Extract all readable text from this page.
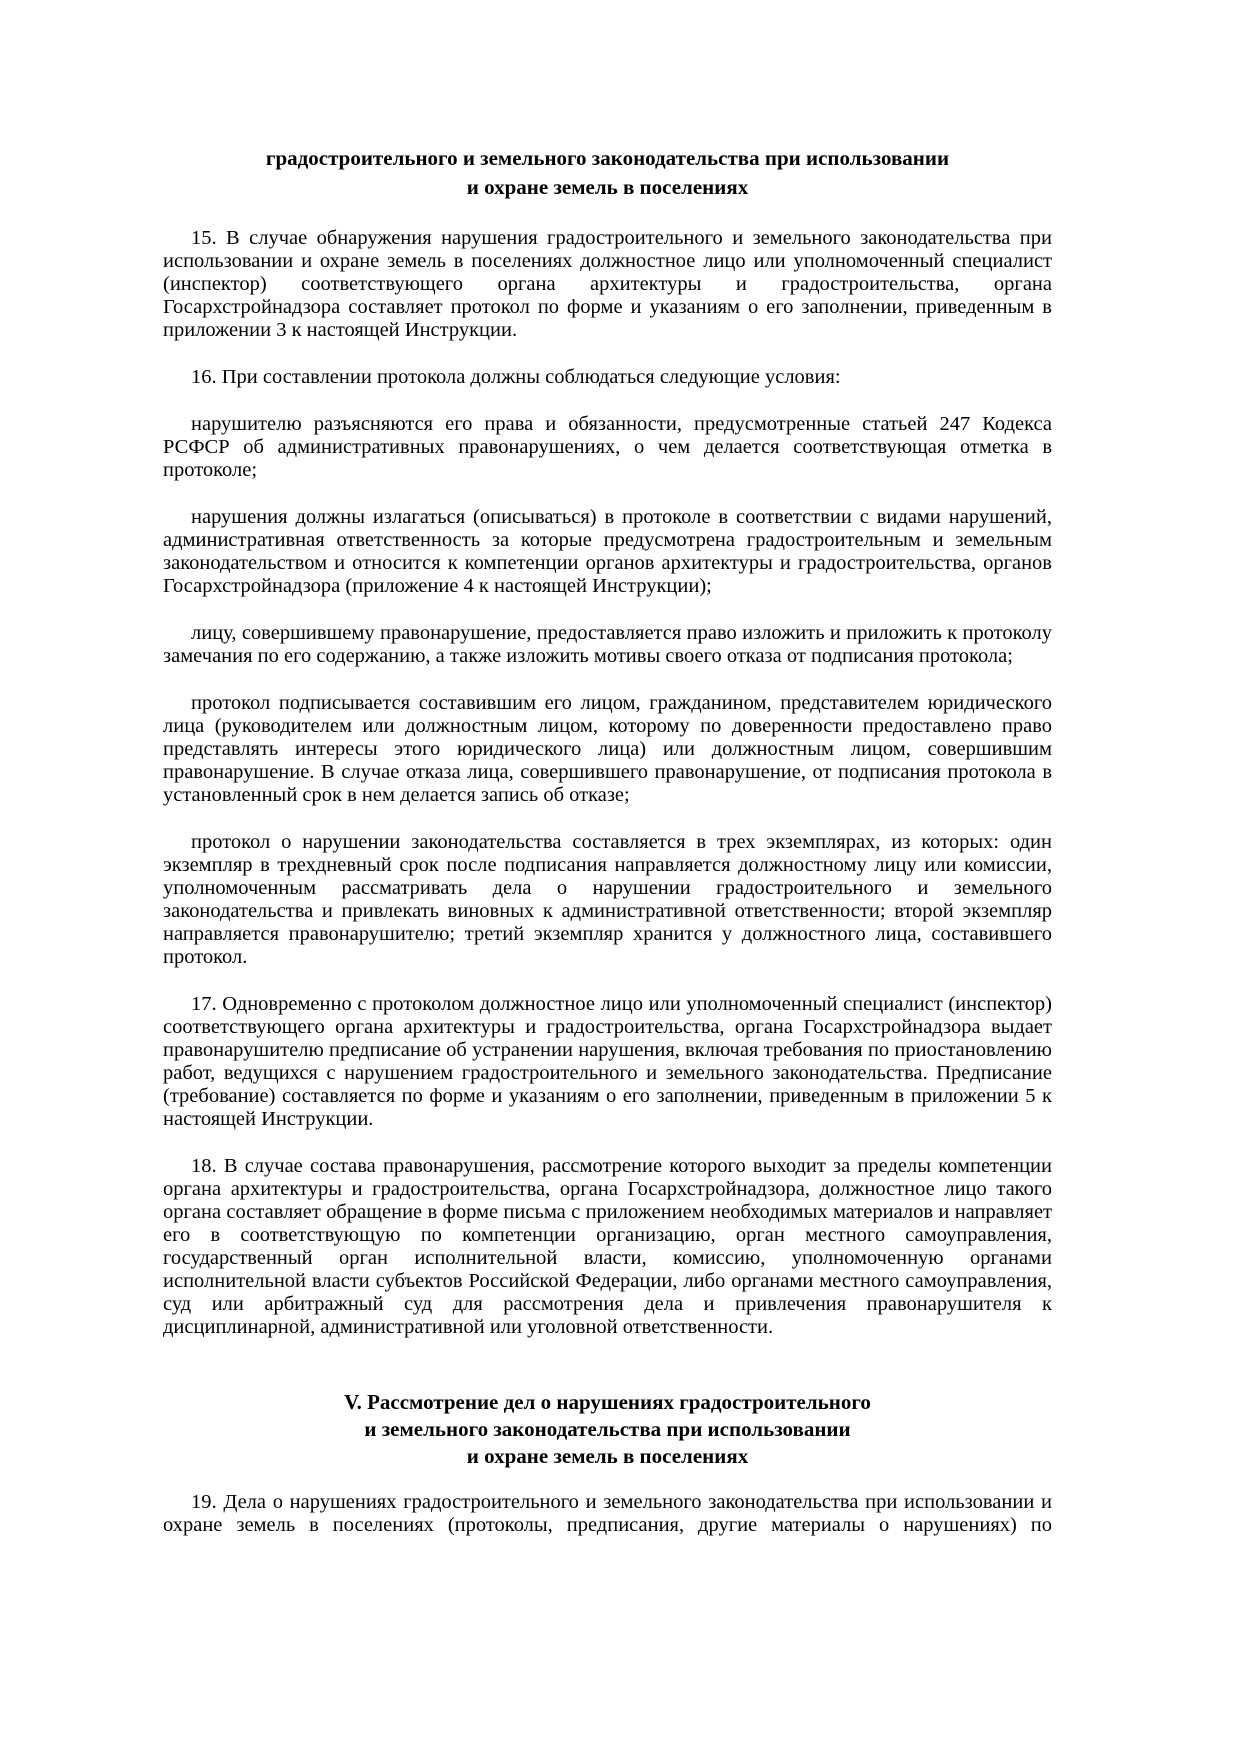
градостроительного и земельного законодательства при использовании
и охране земель в поселениях

15. В случае обнаружения нарушения градостроительного и земельного законодательства при использовании и охране земель в поселениях должностное лицо или уполномоченный специалист (инспектор) соответствующего органа архитектуры и градостроительства, органа Госархстройнадзора составляет протокол по форме и указаниям о его заполнении, приведенным в приложении 3 к настоящей Инструкции.

16. При составлении протокола должны соблюдаться следующие условия:

нарушителю разъясняются его права и обязанности, предусмотренные статьей 247 Кодекса РСФСР об административных правонарушениях, о чем делается соответствующая отметка в протоколе;

нарушения должны излагаться (описываться) в протоколе в соответствии с видами нарушений, административная ответственность за которые предусмотрена градостроительным и земельным законодательством и относится к компетенции органов архитектуры и градостроительства, органов Госархстройнадзора (приложение 4 к настоящей Инструкции);

лицу, совершившему правонарушение, предоставляется право изложить и приложить к протоколу замечания по его содержанию, а также изложить мотивы своего отказа от подписания протокола;

протокол подписывается составившим его лицом, гражданином, представителем юридического лица (руководителем или должностным лицом, которому по доверенности предоставлено право представлять интересы этого юридического лица) или должностным лицом, совершившим правонарушение. В случае отказа лица, совершившего правонарушение, от подписания протокола в установленный срок в нем делается запись об отказе;

протокол о нарушении законодательства составляется в трех экземплярах, из которых: один экземпляр в трехдневный срок после подписания направляется должностному лицу или комиссии, уполномоченным рассматривать дела о нарушении градостроительного и земельного законодательства и привлекать виновных к административной ответственности; второй экземпляр направляется правонарушителю; третий экземпляр хранится у должностного лица, составившего протокол.

17. Одновременно с протоколом должностное лицо или уполномоченный специалист (инспектор) соответствующего органа архитектуры и градостроительства, органа Госархстройнадзора выдает правонарушителю предписание об устранении нарушения, включая требования по приостановлению работ, ведущихся с нарушением градостроительного и земельного законодательства. Предписание (требование) составляется по форме и указаниям о его заполнении, приведенным в приложении 5 к настоящей Инструкции.

18. В случае состава правонарушения, рассмотрение которого выходит за пределы компетенции органа архитектуры и градостроительства, органа Госархстройнадзора, должностное лицо такого органа составляет обращение в форме письма с приложением необходимых материалов и направляет его в соответствующую по компетенции организацию, орган местного самоуправления, государственный орган исполнительной власти, комиссию, уполномоченную органами исполнительной власти субъектов Российской Федерации, либо органами местного самоуправления, суд или арбитражный суд для рассмотрения дела и привлечения правонарушителя к дисциплинарной, административной или уголовной ответственности.

V. Рассмотрение дел о нарушениях градостроительного
и земельного законодательства при использовании
и охране земель в поселениях

19. Дела о нарушениях градостроительного и земельного законодательства при использовании и охране земель в поселениях (протоколы, предписания, другие материалы о нарушениях) по
